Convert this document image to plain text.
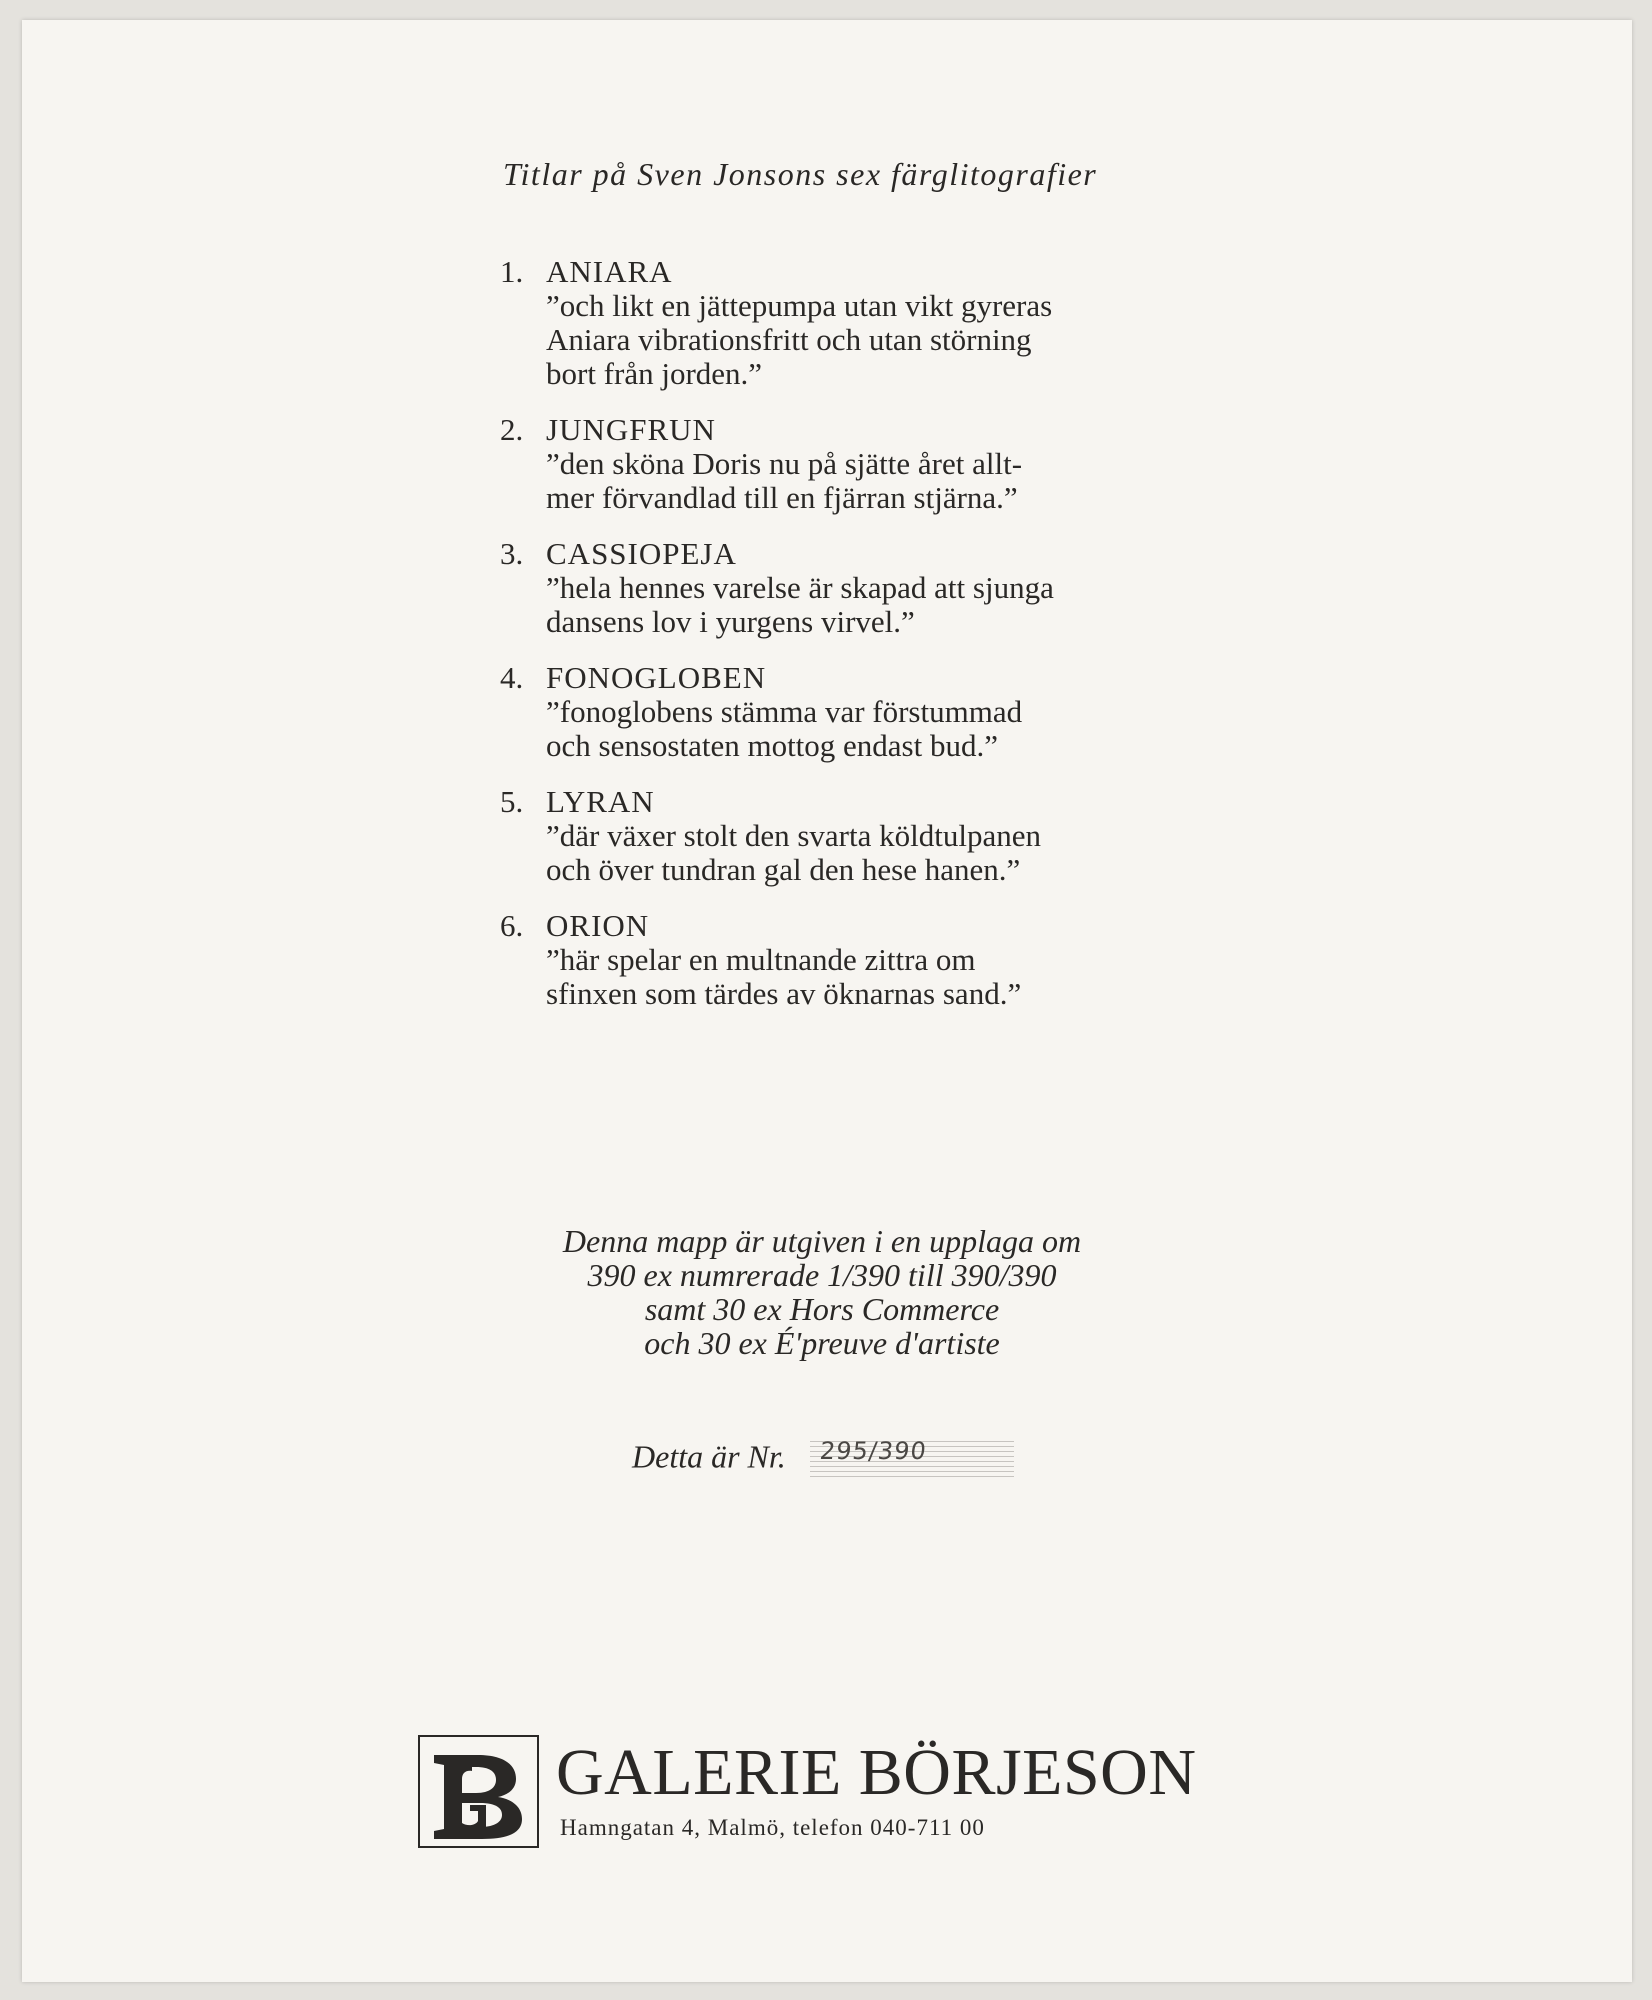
Titlar på Sven Jonsons sex färglitografier
1. ANIARA
”och likt en jättepumpa utan vikt gyreras
Aniara vibrationsfritt och utan störning
bort från jorden.”
2. JUNGFRUN
”den sköna Doris nu på sjätte året allt-
mer förvandlad till en fjärran stjärna.”
3. CASSIOPEJA
”hela hennes varelse är skapad att sjunga
dansens lov i yurgens virvel.”
4. FONOGLOBEN
”fonoglobens stämma var förstummad
och sensostaten mottog endast bud.”
5. LYRAN
”där växer stolt den svarta köldtulpanen
och över tundran gal den hese hanen.”
6. ORION
”här spelar en multnande zittra om
sfinxen som tärdes av öknarnas sand.”
Denna mapp är utgiven i en upplaga om
390 ex numrerade 1/390 till 390/390
samt 30 ex Hors Commerce
och 30 ex É'preuve d'artiste
Detta är Nr. 295/390
GALERIE BÖRJESON
Hamngatan 4, Malmö, telefon 040-711 00
